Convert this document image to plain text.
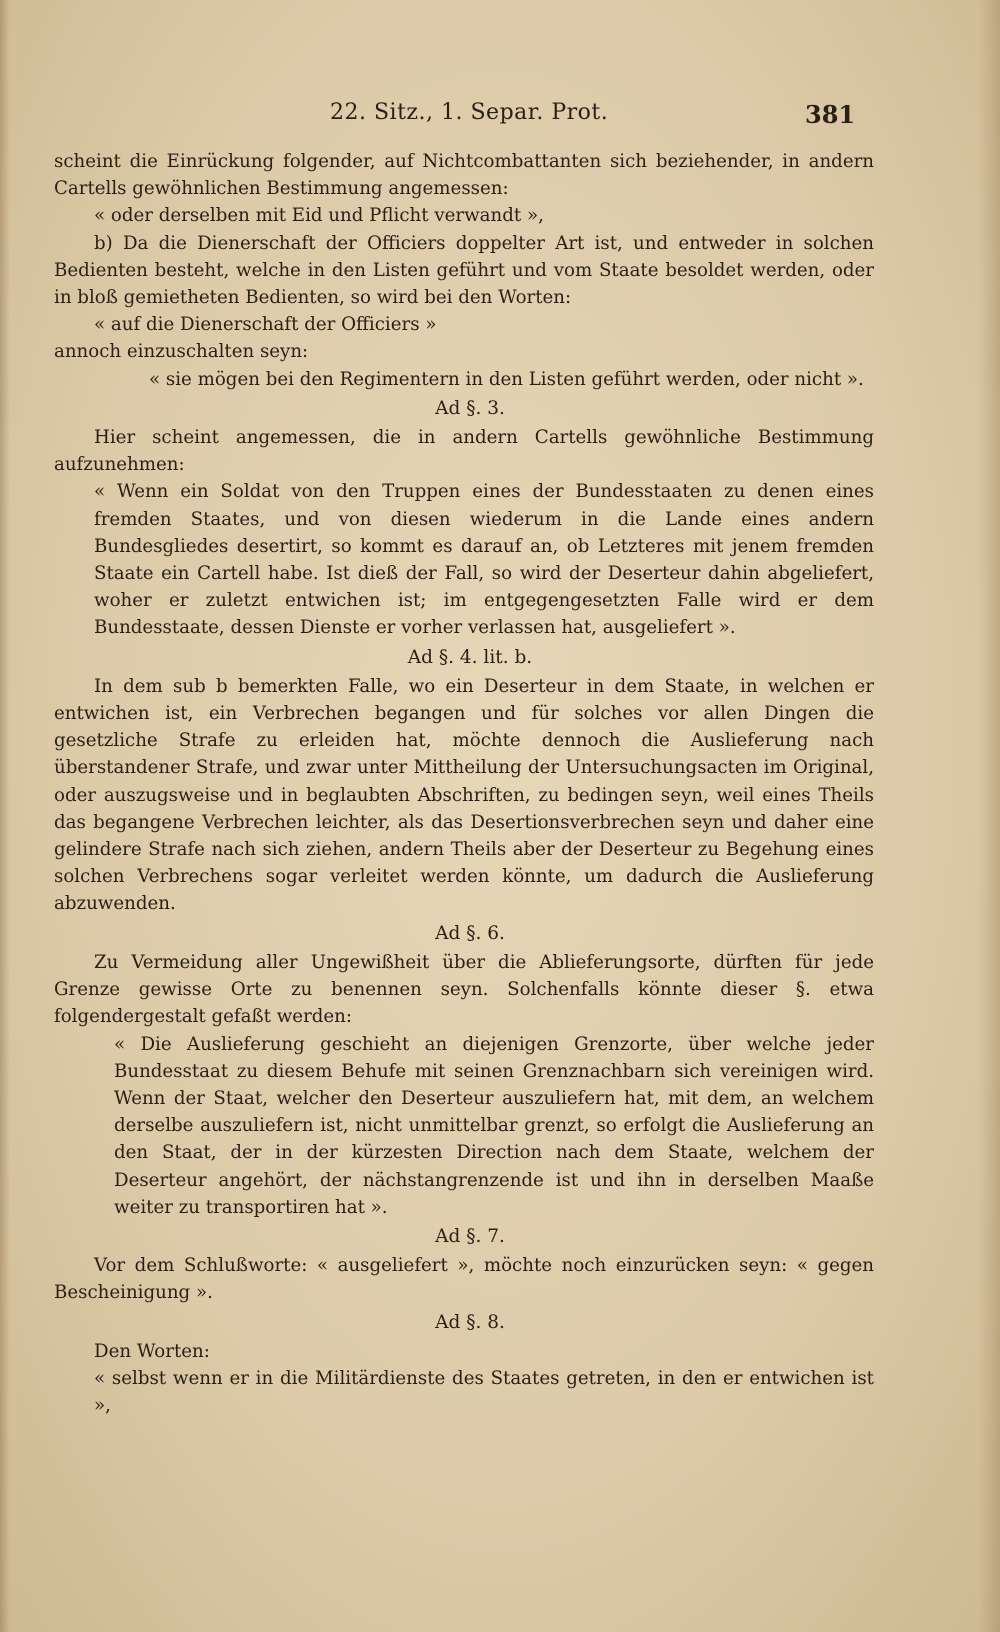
22. Sitz., 1. Separ. Prot.	381

scheint die Einrückung folgender, auf Nichtcombattanten sich beziehender, in andern Cartells gewöhnlichen Bestimmung angemessen:

« oder derselben mit Eid und Pflicht verwandt »,

b) Da die Dienerschaft der Officiers doppelter Art ist, und entweder in solchen Bedienten besteht, welche in den Listen geführt und vom Staate besoldet werden, oder in bloß gemietheten Bedienten, so wird bei den Worten:

« auf die Dienerschaft der Officiers »

annoch einzuschalten seyn:

« sie mögen bei den Regimentern in den Listen geführt werden, oder nicht ».

Ad §. 3.

Hier scheint angemessen, die in andern Cartells gewöhnliche Bestimmung aufzunehmen:

« Wenn ein Soldat von den Truppen eines der Bundesstaaten zu denen eines fremden Staates, und von diesen wiederum in die Lande eines andern Bundesgliedes desertirt, so kommt es darauf an, ob Letzteres mit jenem fremden Staate ein Cartell habe. Ist dieß der Fall, so wird der Deserteur dahin abgeliefert, woher er zuletzt entwichen ist; im entgegengesetzten Falle wird er dem Bundesstaate, dessen Dienste er vorher verlassen hat, ausgeliefert ».

Ad §. 4. lit. b.

In dem sub b bemerkten Falle, wo ein Deserteur in dem Staate, in welchen er entwichen ist, ein Verbrechen begangen und für solches vor allen Dingen die gesetzliche Strafe zu erleiden hat, möchte dennoch die Auslieferung nach überstandener Strafe, und zwar unter Mittheilung der Untersuchungsacten im Original, oder auszugsweise und in beglaubten Abschriften, zu bedingen seyn, weil eines Theils das begangene Verbrechen leichter, als das Desertionsverbrechen seyn und daher eine gelindere Strafe nach sich ziehen, andern Theils aber der Deserteur zu Begehung eines solchen Verbrechens sogar verleitet werden könnte, um dadurch die Auslieferung abzuwenden.

Ad §. 6.

Zu Vermeidung aller Ungewißheit über die Ablieferungsorte, dürften für jede Grenze gewisse Orte zu benennen seyn. Solchenfalls könnte dieser §. etwa folgendergestalt gefaßt werden:

« Die Auslieferung geschieht an diejenigen Grenzorte, über welche jeder Bundesstaat zu diesem Behufe mit seinen Grenznachbarn sich vereinigen wird. Wenn der Staat, welcher den Deserteur auszuliefern hat, mit dem, an welchem derselbe auszuliefern ist, nicht unmittelbar grenzt, so erfolgt die Auslieferung an den Staat, der in der kürzesten Direction nach dem Staate, welchem der Deserteur angehört, der nächstangrenzende ist und ihn in derselben Maaße weiter zu transportiren hat ».

Ad §. 7.

Vor dem Schlußworte: « ausgeliefert », möchte noch einzurücken seyn: « gegen Bescheinigung ».

Ad §. 8.

Den Worten:

« selbst wenn er in die Militärdienste des Staates getreten, in den er entwichen ist »,
